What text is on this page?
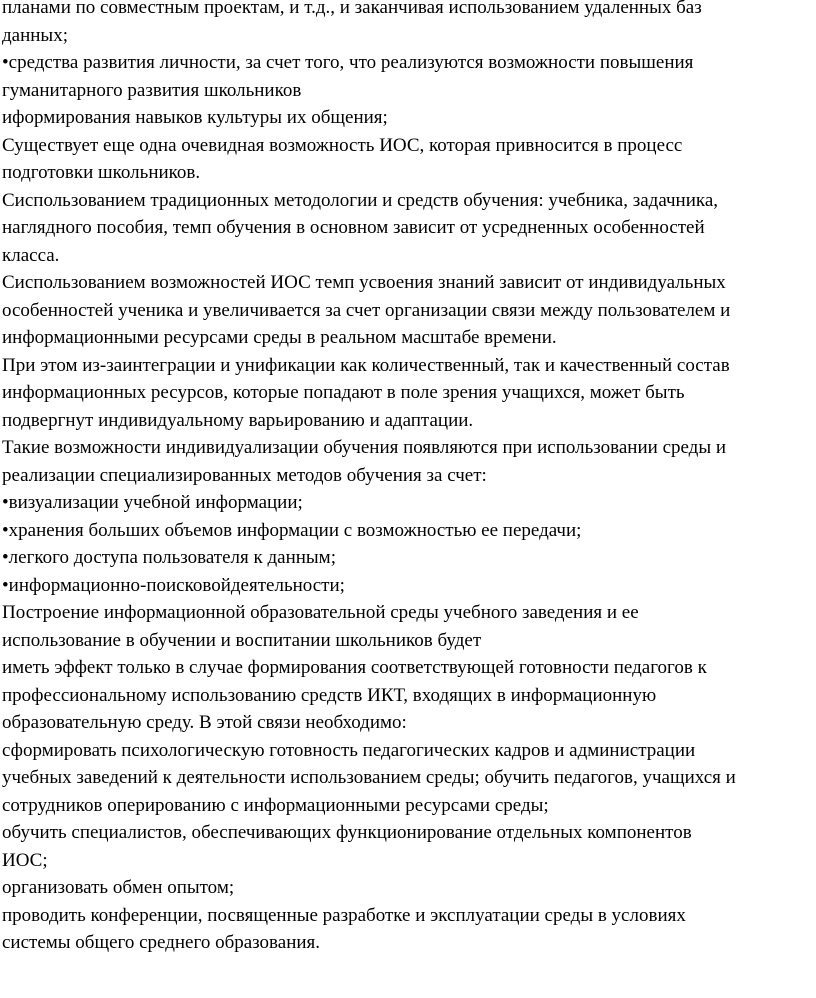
планами по совместным проектам, и т.д., и заканчивая использованием удаленных баз

данных;

•средства развития личности, за счет того, что реализуются возможности повышения

гуманитарного развития школьников

иформирования навыков культуры их общения;

Существует еще одна очевидная возможность ИОС, которая привносится в процесс

подготовки школьников.

Сиспользованием традиционных методологии и средств обучения: учебника, задачника,

наглядного пособия, темп обучения в основном зависит от усредненных особенностей

класса.

Сиспользованием возможностей ИОС темп усвоения знаний зависит от индивидуальных

особенностей ученика и увеличивается за счет организации связи между пользователем и

информационными ресурсами среды в реальном масштабе времени.

При этом из-заинтеграции и унификации как количественный, так и качественный состав

информационных ресурсов, которые попадают в поле зрения учащихся, может быть

подвергнут индивидуальному варьированию и адаптации.

Такие возможности индивидуализации обучения появляются при использовании среды и

реализации специализированных методов обучения за счет:

•визуализации учебной информации;

•хранения больших объемов информации с возможностью ее передачи;

•легкого доступа пользователя к данным;

•информационно-поисковойдеятельности;

Построение информационной образовательной среды учебного заведения и ее

использование в обучении и воспитании школьников будет

иметь эффект только в случае формирования соответствующей готовности педагогов к

профессиональному использованию средств ИКТ, входящих в информационную

образовательную среду. В этой связи необходимо:

сформировать психологическую готовность педагогических кадров и администрации

учебных заведений к деятельности использованием среды; обучить педагогов, учащихся и

сотрудников оперированию с информационными ресурсами среды;

обучить специалистов, обеспечивающих функционирование отдельных компонентов

ИОС;

организовать обмен опытом;

проводить конференции, посвященные разработке и эксплуатации среды в условиях

системы общего среднего образования.
